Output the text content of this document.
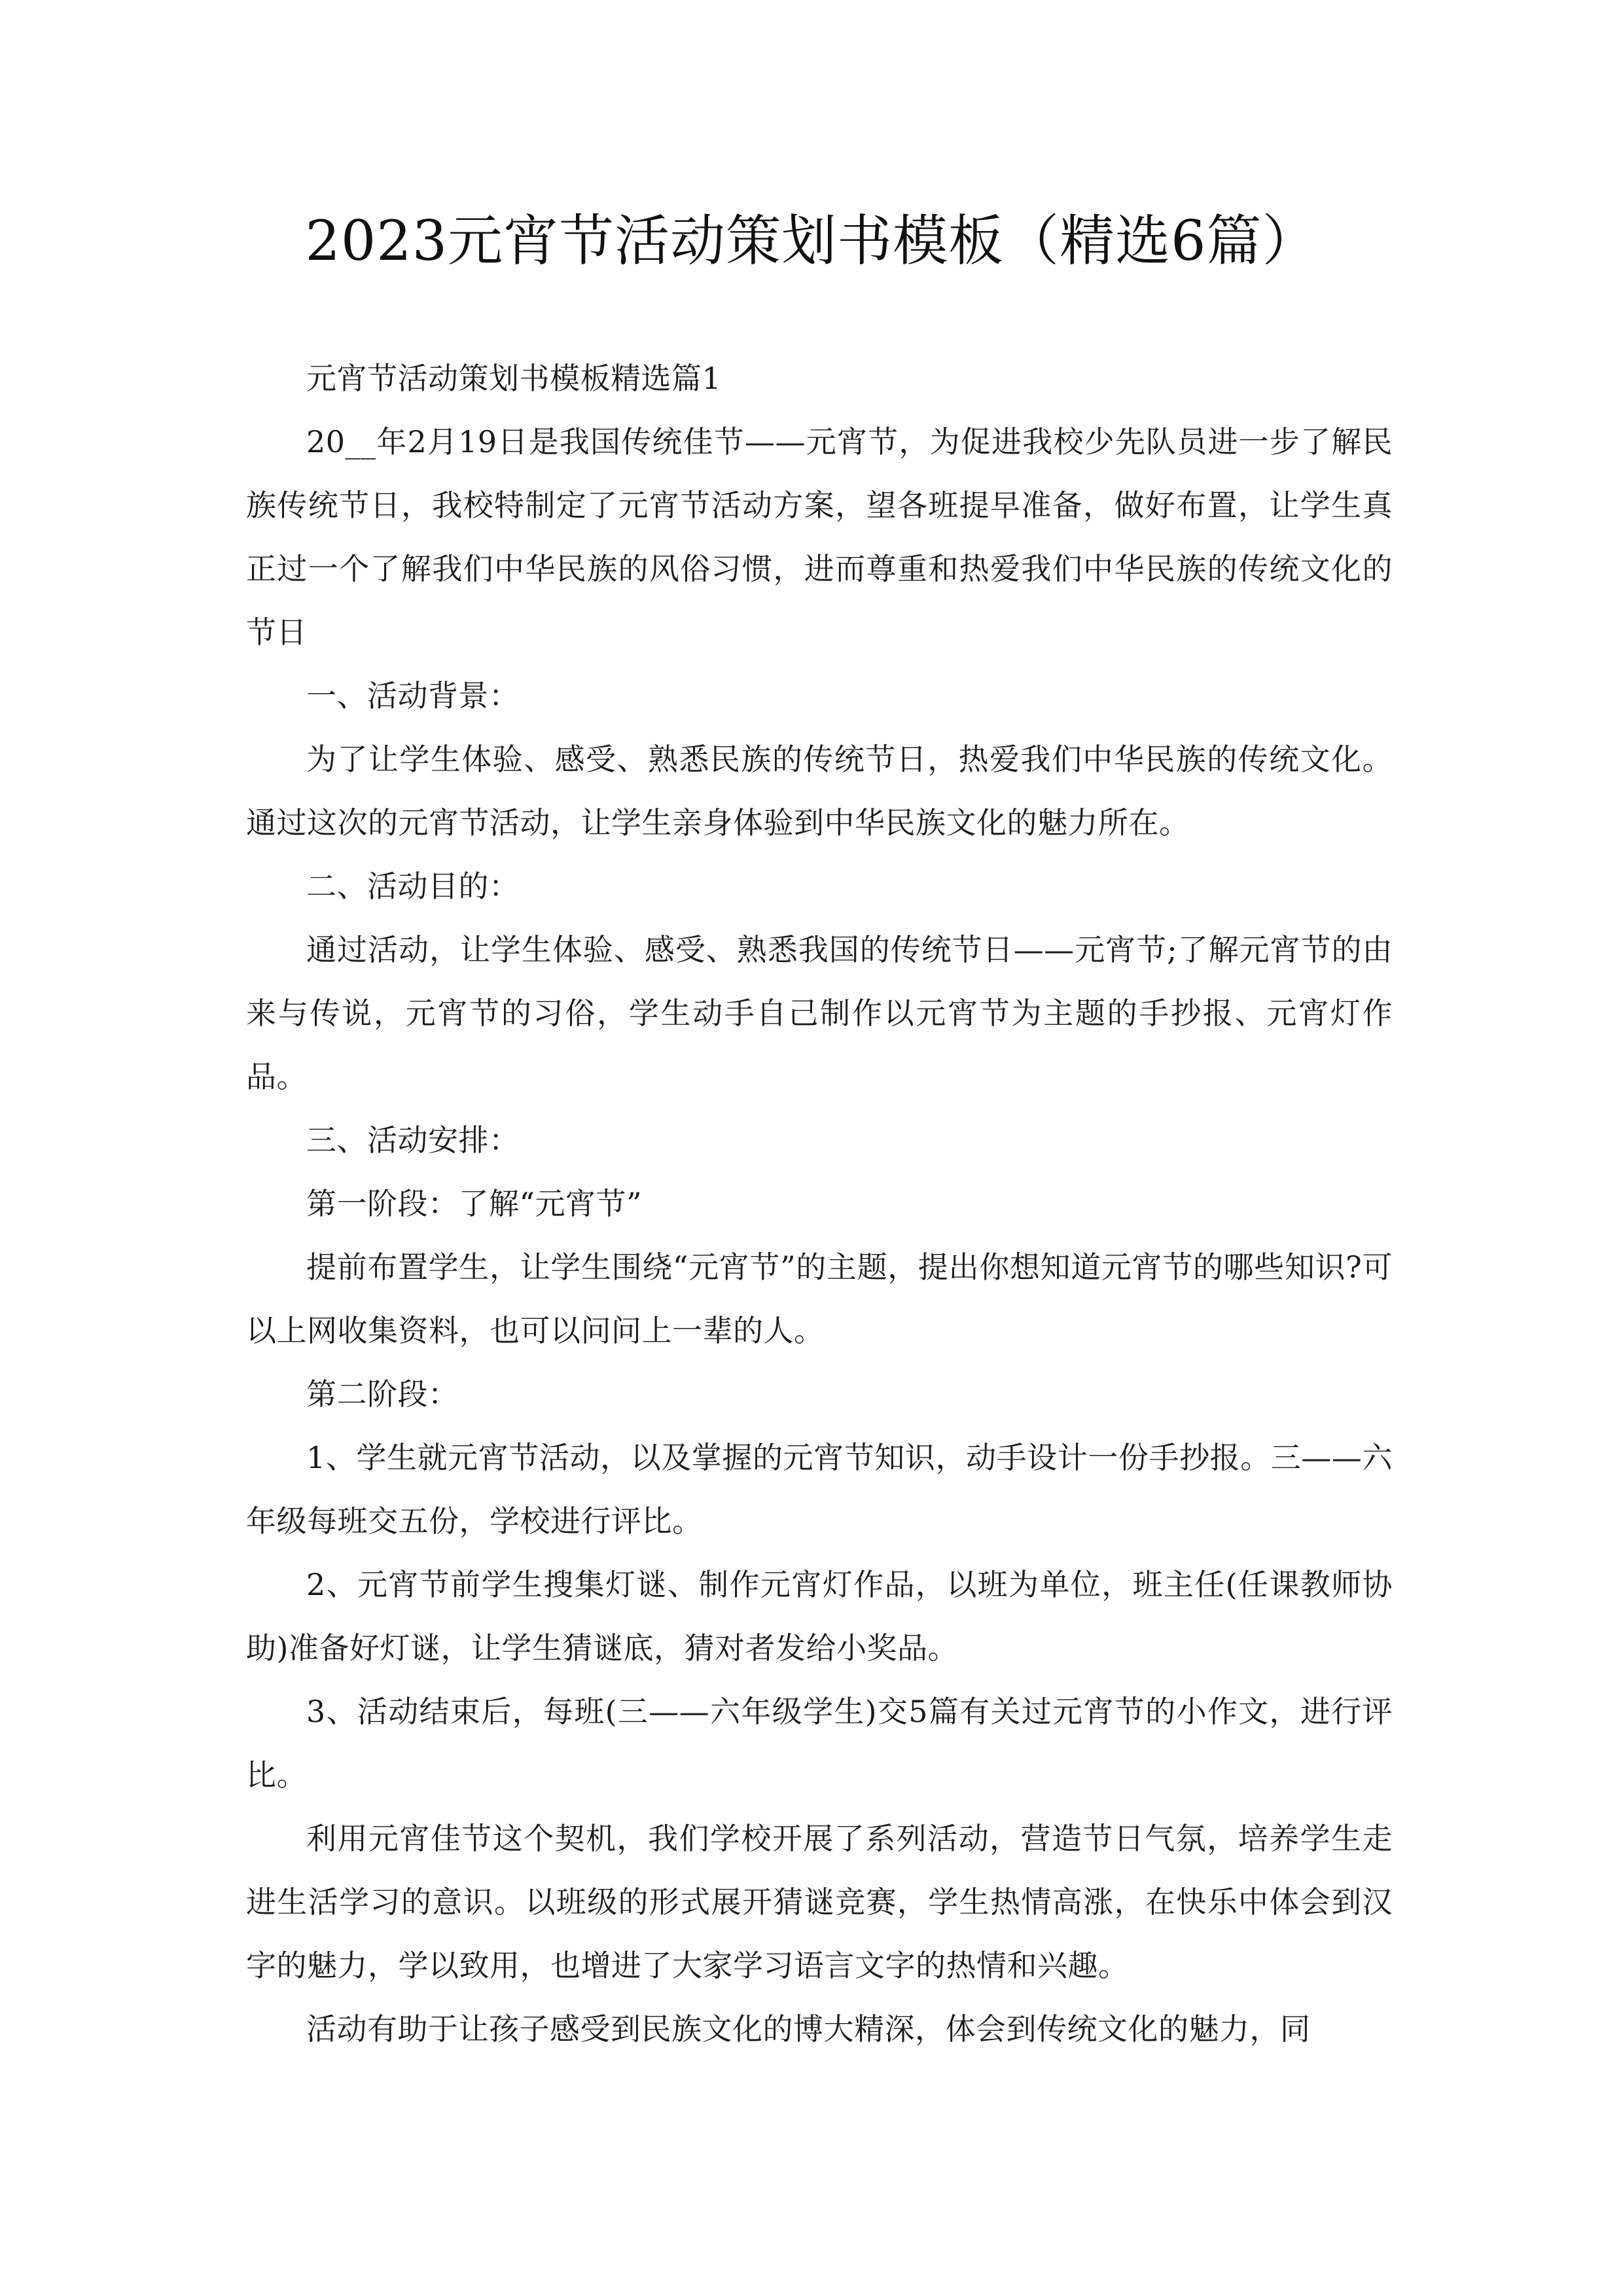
2023元宵节活动策划书模板（精选6篇）

元宵节活动策划书模板精选篇1

20__年2月19日是我国传统佳节——元宵节，为促进我校少先队员进一步了解民族传统节日，我校特制定了元宵节活动方案，望各班提早准备，做好布置，让学生真正过一个了解我们中华民族的风俗习惯，进而尊重和热爱我们中华民族的传统文化的节日

一、活动背景：

为了让学生体验、感受、熟悉民族的传统节日，热爱我们中华民族的传统文化。通过这次的元宵节活动，让学生亲身体验到中华民族文化的魅力所在。

二、活动目的：

通过活动，让学生体验、感受、熟悉我国的传统节日——元宵节;了解元宵节的由来与传说，元宵节的习俗，学生动手自己制作以元宵节为主题的手抄报、元宵灯作品。

三、活动安排：

第一阶段：了解“元宵节”

提前布置学生，让学生围绕“元宵节”的主题，提出你想知道元宵节的哪些知识?可以上网收集资料，也可以问问上一辈的人。

第二阶段：

1、学生就元宵节活动，以及掌握的元宵节知识，动手设计一份手抄报。三——六年级每班交五份，学校进行评比。

2、元宵节前学生搜集灯谜、制作元宵灯作品，以班为单位，班主任(任课教师协助)准备好灯谜，让学生猜谜底，猜对者发给小奖品。

3、活动结束后，每班(三——六年级学生)交5篇有关过元宵节的小作文，进行评比。

利用元宵佳节这个契机，我们学校开展了系列活动，营造节日气氛，培养学生走进生活学习的意识。以班级的形式展开猜谜竞赛，学生热情高涨，在快乐中体会到汉字的魅力，学以致用，也增进了大家学习语言文字的热情和兴趣。

活动有助于让孩子感受到民族文化的博大精深，体会到传统文化的魅力，同
